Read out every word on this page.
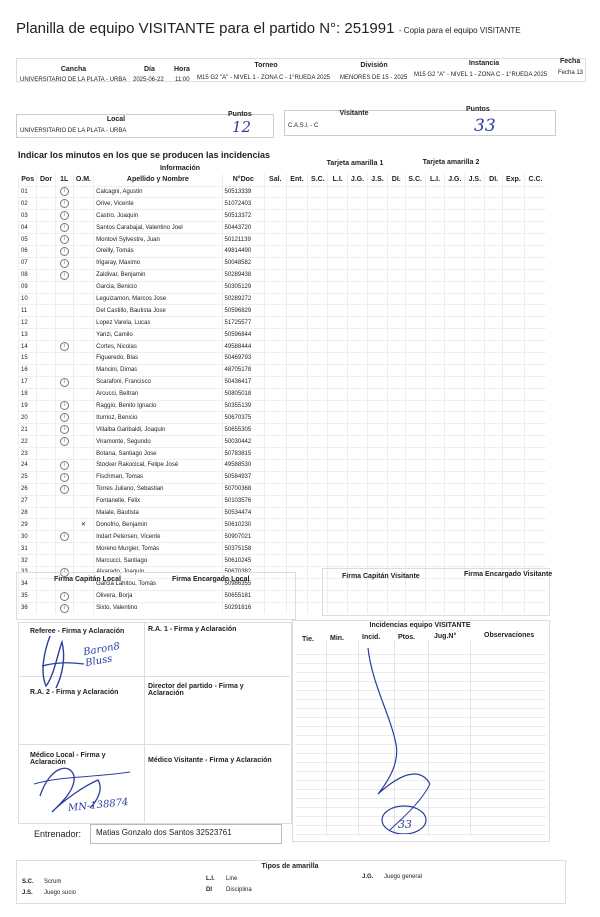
Planilla de equipo VISITANTE para el partido N°: 251991 - Copia para el equipo VISITANTE
Cancha
UNIVERSITARIO DE LA PLATA - URBA
Día
2025-06-22
Hora
11:00
Torneo
M15 G2 "A" - NIVEL 1 - ZONA C - 1°RUEDA 2025
División
MENORES DE 15 - 2025
Instancia
M15 G2 "A" - NIVEL 1 - ZONA C - 1°RUEDA 2025
Fecha
Fecha 13
Local
Puntos
UNIVERSITARIO DE LA PLATA - URBA	12
Visitante
Puntos
C.A.S.I. - C	33
Indicar los minutos en los que se producen las incidencias
Información
Tarjeta amarilla 1	Tarjeta amarilla 2
Pos	Dor	1L	O.M.	Apellido y Nombre	N°Doc	Sal.	Ent.	S.C.	L.I.	J.G.	J.S.	DI.	S.C.	L.I.	J.G.	J.S.	DI.	Exp.	C.C.
01		i		Calcagni, Agustin	50513339														
02		i		Orive, Vicente	51072403														
03		i		Castro, Joaquin	50513372														
04		i		Santos Carabajal, Valentino Joel	50443720														
05		i		Montovi Sylvestre, Juan	50121139														
06		i		Oreilly, Tomás	49814490														
07		i		Irigaray, Maximo	50048582														
08		i		Zaldivar, Benjamin	50289438														
09				Garcia, Benicio	50305129														
10				Leguizamon, Marcos Jose	50289272														
11				Del Castillo, Bautista Jose	50596829														
12				Lopez Varela, Lucas	51725577														
13				Yanzi, Camilo	50596844														
14		i		Cortes, Nicolas	49588444														
15				Figueredo, Blas	50469793														
16				Mancini, Dimas	48705178														
17		i		Scarafoni, Francisco	50436417														
18				Arcucci, Beltran	50805018														
19		i		Raggio, Benito Ignacio	50355139														
20		i		Iturrioz, Benicio	50670375														
21		i		Villalba Garibaldi, Joaquin	50655305														
22		i		Viramonte, Segundo	50030442														
23				Botana, Santiago Jose	50783815														
24		i		Stocker Rakocical, Felipe José	49588530														
25		i		Fischman, Tomas	50584937														
26		i		Torres Juliano, Sebastian	50700368														
27				Fontanelle, Félix	50103576														
28				Maiale, Bautista	50534474														
29			✕	Donofrio, Benjamin	50610230														
30		i		Indart Petersen, Vicente	50907021														
31				Moreno Murgier, Tomás	50375158														
32				Marcucci, Santiago	50610245														
33		i		Alvarado, Joaquin	50670382														
34				Garcia Lahitou, Tomás	50986355														
35		i		Olivera, Borja	50655181														
36		i		Sixto, Valentino	50291816														
Firma Capitán Local	Firma Encargado Local	Firma Capitán Visitante	Firma Encargado Visitante
Referee - Firma y Aclaración	R.A. 1 - Firma y Aclaración
R.A. 2 - Firma y Aclaración
Director del partido - Firma y Aclaración
Médico Local - Firma y Aclaración	Médico Visitante - Firma y Aclaración
Baron8 Bluss
MN-138874
Incidencias equipo VISITANTE
Tie. Min.	Incid.	Ptos.	Jug.N°	Observaciones
33
Entrenador: Matias Gonzalo dos Santos 32523761
Tipos de amarilla
S.C. Scrum	L.I. Line	J.G. Juego general
J.S. Juego sucio	DI Disciplina
